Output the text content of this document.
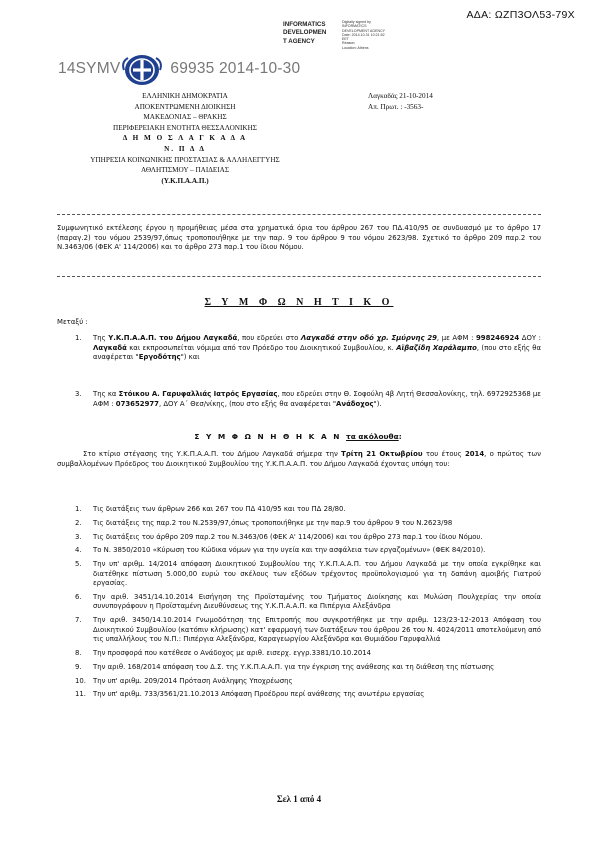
ΑΔΑ: ΩΖΠ3ΟΛ53-79Χ
INFORMATICS
DEVELOPMEN
T AGENCY
Digitally signed by
INFORMATICS
DEVELOPMENT AGENCY
Date: 2014.10.31 10:21:52
EET
Reason:
Location: Athens
14SYMV	69935 2014-10-30
ΕΛΛΗΝΙΚΗ ΔΗΜΟΚΡΑΤΙΑ
ΑΠΟΚΕΝΤΡΩΜΕΝΗ ΔΙΟΙΚΗΣΗ
ΜΑΚΕΔΟΝΙΑΣ – ΘΡΑΚΗΣ
ΠΕΡΙΦΕΡΕΙΑΚΗ ΕΝΟΤΗΤΑ ΘΕΣΣΑΛΟΝΙΚΗΣ
Δ Η Μ Ο Σ Λ Α Γ Κ Α Δ Α
Ν. Π Δ Δ
ΥΠΗΡΕΣΙΑ ΚΟΙΝΩΝΙΚΗΣ ΠΡΟΣΤΑΣΙΑΣ & ΑΛΛΗΛΕΓΓΥΗΣ
ΑΘΛΗΤΙΣΜΟΥ – ΠΑΙΔΕΙΑΣ
(Υ.Κ.Π.Α.Α.Π.)
Λαγκαδάς 21-10-2014
Απ. Πρωτ. : -3563-
Συμφωνητικό εκτέλεσης έργου η προμήθειας μέσα στα χρηματικά όρια του άρθρου 267 του ΠΔ.410/95 σε συνδυασμό με το άρθρο 17 (παραγ.2) του νόμου 2539/97,όπως τροποποιήθηκε με την παρ. 9 του άρθρου 9 του νόμου 2623/98. Σχετικό το άρθρο 209 παρ.2 του Ν.3463/06 (ΦΕΚ Α' 114/2006) και το άρθρο 273 παρ.1 του ίδιου Νόμου.
Σ Υ Μ Φ Ω Ν Η Τ Ι Κ Ο
Μεταξύ :
1. Της Υ.Κ.Π.Α.Α.Π. του Δήμου Λαγκαδά, που εδρεύει στο Λαγκαδά στην οδό χρ. Σμύρνης 29, με ΑΦΜ : 998246924 ΔΟΥ : Λαγκαδά και εκπροσωπείται νόμιμα από τον Πρόεδρο του Διοικητικού Συμβουλίου, κ. Αϊβαζίδη Χαράλαμπο, (που στο εξής θα αναφέρεται "Εργοδότης") και
3. Της κα Στόικου Α. Γαρυφαλλιάς Ιατρός Εργασίας, που εδρεύει στην Θ. Σοφούλη 4β Λητή Θεσσαλονίκης, τηλ. 6972925368 με ΑΦΜ : 073652977, ΔΟΥ Α΄ Θεσ/νίκης, (που στο εξής θα αναφέρεται "Ανάδοχος").
Σ Υ Μ Φ Ω Ν Η Θ Η Κ Α Ν τα ακόλουθα:
Στο κτίριο στέγασης της Υ.Κ.Π.Α.Α.Π. του Δήμου Λαγκαδά σήμερα την Τρίτη 21 Οκτωβρίου του έτους 2014, ο πρώτος των συμβαλλομένων Πρόεδρος του Διοικητικού Συμβουλίου της Υ.Κ.Π.Α.Α.Π. του Δήμου Λαγκαδά έχοντας υπόψη του:
1. Τις διατάξεις των άρθρων 266 και 267 του ΠΔ 410/95 και του ΠΔ 28/80.
2. Τις διατάξεις της παρ.2 του Ν.2539/97,όπως τροποποιήθηκε με την παρ.9 του άρθρου 9 του Ν.2623/98
3. Τις διατάξεις του άρθρο 209 παρ.2 του Ν.3463/06 (ΦΕΚ Α' 114/2006) και του άρθρο 273 παρ.1 του ίδιου Νόμου.
4. Το Ν. 3850/2010 «Κύρωση του Κώδικα νόμων για την υγεία και την ασφάλεια των εργαζομένων» (ΦΕΚ 84/2010).
5. Την υπ' αριθμ. 14/2014 απόφαση Διοικητικού Συμβουλίου της Υ.Κ.Π.Α.Α.Π. του Δήμου Λαγκαδά με την οποία εγκρίθηκε και διατέθηκε πίστωση 5.000,00 ευρώ του σκέλους των εξόδων τρέχοντος προϋπολογισμού για τη δαπάνη αμοιβής Γιατρού εργασίας.
6. Την αριθ. 3451/14.10.2014 Εισήγηση της Προϊσταμένης του Τμήματος Διοίκησης και Μυλώση Πουλχερίας την οποία συνυπογράφουν η Προϊσταμένη Διευθύνσεως της Υ.Κ.Π.Α.Α.Π. κα Πιπέργια Αλεξάνδρα
7. Την αριθ. 3450/14.10.2014 Γνωμοδότηση της Επιτροπής που συγκροτήθηκε με την αριθμ. 123/23-12-2013 Απόφαση του Διοικητικού Συμβουλίου (κατόπιν κλήρωσης) κατ' εφαρμογή των διατάξεων του άρθρου 26 του Ν. 4024/2011 αποτελούμενη από τις υπαλλήλους του Ν.Π.: Πιπέργια Αλεξάνδρα, Καραγεωργίου Αλεξάνδρα και Θυμιάδου Γαρυφαλλιά
8. Την προσφορά που κατέθεσε ο Ανάδοχος με αριθ. εισερχ. εγγρ.3381/10.10.2014
9. Την αριθ. 168/2014 απόφαση του Δ.Σ. της Υ.Κ.Π.Α.Α.Π. για την έγκριση της ανάθεσης και τη διάθεση της πίστωσης
10. Την υπ' αριθμ. 209/2014 Πρόταση Ανάληψης Υποχρέωσης
11. Την υπ' αριθμ. 733/3561/21.10.2013 Απόφαση Προέδρου περί ανάθεσης της ανωτέρω εργασίας
Σελ 1 από 4
